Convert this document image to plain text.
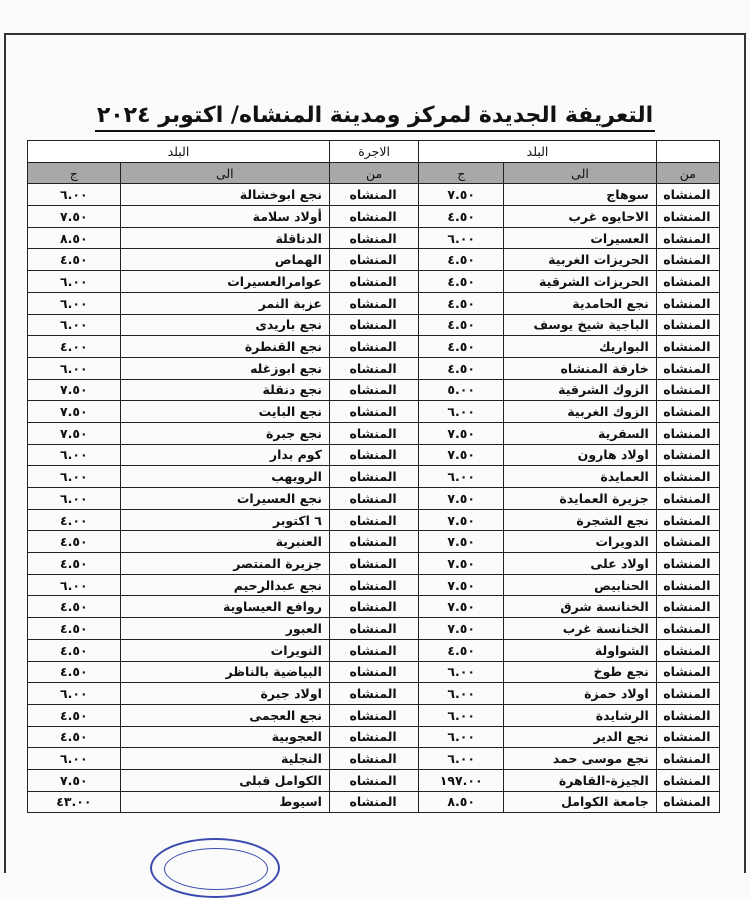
التعريفة الجديدة لمركز ومدينة المنشاه/ اكتوبر ٢٠٢٤
	البلد		الاجرة	البلد	
من	الى	ج	من	الى	ج
المنشاه	سوهاج	٧.٥٠	المنشاه	نجع ابوخشالة	٦.٠٠
المنشاه	الاحايوه غرب	٤.٥٠	المنشاه	أولاد سلامة	٧.٥٠
المنشاه	العسيرات	٦.٠٠	المنشاه	الدناقلة	٨.٥٠
المنشاه	الحريزات الغربية	٤.٥٠	المنشاه	الهماص	٤.٥٠
المنشاه	الحريزات الشرقية	٤.٥٠	المنشاه	عوامرالعسيرات	٦.٠٠
المنشاه	نجع الحامدية	٤.٥٠	المنشاه	عزبة النمر	٦.٠٠
المنشاه	الباجية شيخ يوسف	٤.٥٠	المنشاه	نجع باريدى	٦.٠٠
المنشاه	البواريك	٤.٥٠	المنشاه	نجع القنطرة	٤.٠٠
المنشاه	خارفة المنشاه	٤.٥٠	المنشاه	نجع ابوزغله	٦.٠٠
المنشاه	الزوك الشرقية	٥.٠٠	المنشاه	نجع دنقلة	٧.٥٠
المنشاه	الزوك الغربية	٦.٠٠	المنشاه	نجع البايت	٧.٥٠
المنشاه	السقرية	٧.٥٠	المنشاه	نجع جبرة	٧.٥٠
المنشاه	اولاد هارون	٧.٥٠	المنشاه	كوم بدار	٦.٠٠
المنشاه	العمايدة	٦.٠٠	المنشاه	الرويهب	٦.٠٠
المنشاه	جزيرة العمايدة	٧.٥٠	المنشاه	نجع العسيرات	٦.٠٠
المنشاه	نجع الشجرة	٧.٥٠	المنشاه	٦ اكتوبر	٤.٠٠
المنشاه	الدويرات	٧.٥٠	المنشاه	العنبرية	٤.٥٠
المنشاه	اولاد على	٧.٥٠	المنشاه	جزيرة المنتصر	٤.٥٠
المنشاه	الحنابيص	٧.٥٠	المنشاه	نجع عبدالرحيم	٦.٠٠
المنشاه	الخنانسة شرق	٧.٥٠	المنشاه	روافع العيساوية	٤.٥٠
المنشاه	الخنانسة غرب	٧.٥٠	المنشاه	العبور	٤.٥٠
المنشاه	الشواولة	٤.٥٠	المنشاه	النويرات	٤.٥٠
المنشاه	نجع طوخ	٦.٠٠	المنشاه	البياضية بالناظر	٤.٥٠
المنشاه	اولاد حمزة	٦.٠٠	المنشاه	اولاد جبرة	٦.٠٠
المنشاه	الرشايدة	٦.٠٠	المنشاه	نجع العجمى	٤.٥٠
المنشاه	نجع الدير	٦.٠٠	المنشاه	العجوبية	٤.٥٠
المنشاه	نجع موسى حمد	٦.٠٠	المنشاه	النجلية	٦.٠٠
المنشاه	الجيزة-القاهرة	١٩٧.٠٠	المنشاه	الكوامل قبلى	٧.٥٠
المنشاه	جامعة الكوامل	٨.٥٠	المنشاه	اسيوط	٤٣.٠٠
